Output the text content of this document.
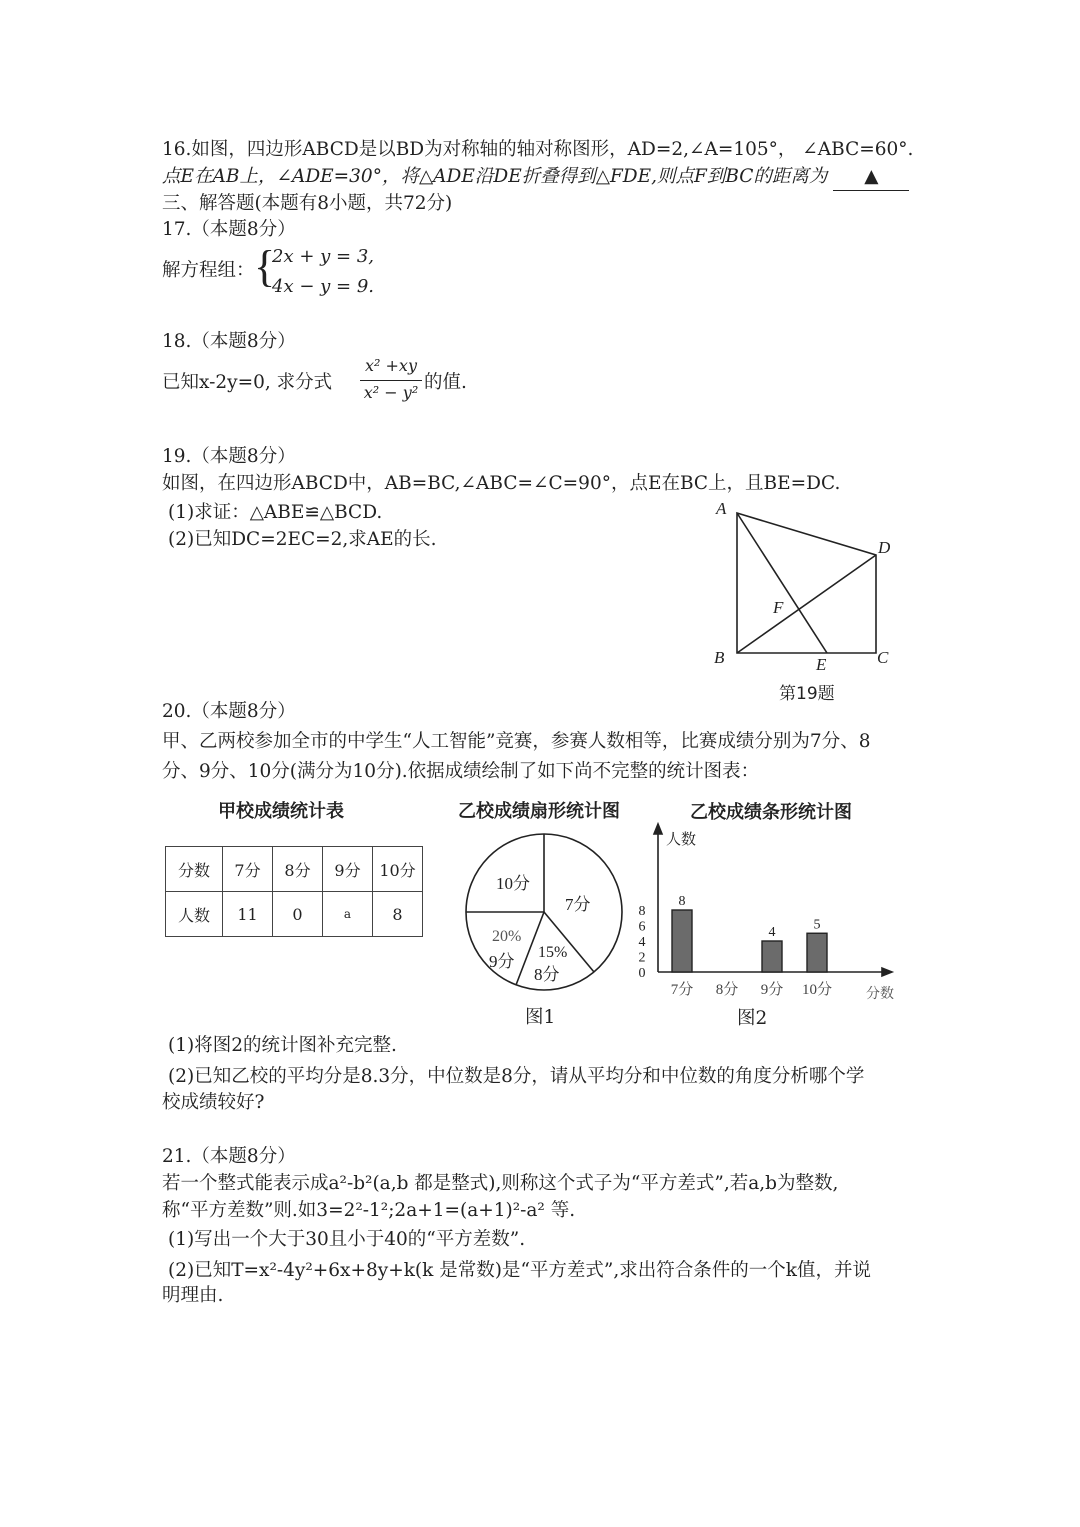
16.如图，四边形ABCD是以BD为对称轴的轴对称图形，AD=2,∠A=105°， ∠ABC=60°.
点E在AB上，∠ADE=30°，将△ADE沿DE折叠得到△FDE,则点F到BC的距离为 ▲
三、解答题(本题有8小题，共72分)
17.（本题8分）
解方程组： {
2x + y = 3,
4x − y = 9.
18.（本题8分）
已知x-2y=0, 求分式
x² +xy
x² − y² 的值.
19.（本题8分）
如图，在四边形ABCD中，AB=BC,∠ABC=∠C=90°，点E在BC上，且BE=DC.
(1)求证：△ABE≌△BCD.
(2)已知DC=2EC=2,求AE的长.
A
D
F
B	E	C
第19题
20.（本题8分）
甲、乙两校参加全市的中学生“人工智能”竞赛，参赛人数相等，比赛成绩分别为7分、8
分、9分、10分(满分为10分).依据成绩绘制了如下尚不完整的统计图表：
甲校成绩统计表
分数	7分	8分	9分	10分
人数	11	0	a	8
乙校成绩扇形统计图
10分
7分
20%
9分 15%
8分
图1
乙校成绩条形统计图
人数
分数
0
2
4
6
8
8
7分 8分
4
9分
5
10分
图2
(1)将图2的统计图补充完整.
(2)已知乙校的平均分是8.3分，中位数是8分，请从平均分和中位数的角度分析哪个学
校成绩较好?
21.（本题8分）
若一个整式能表示成a²-b²(a,b 都是整式),则称这个式子为“平方差式”,若a,b为整数,
称“平方差数”则.如3=2²-1²;2a+1=(a+1)²-a² 等.
(1)写出一个大于30且小于40的“平方差数”.
(2)已知T=x²-4y²+6x+8y+k(k 是常数)是“平方差式”,求出符合条件的一个k值，并说
明理由.
